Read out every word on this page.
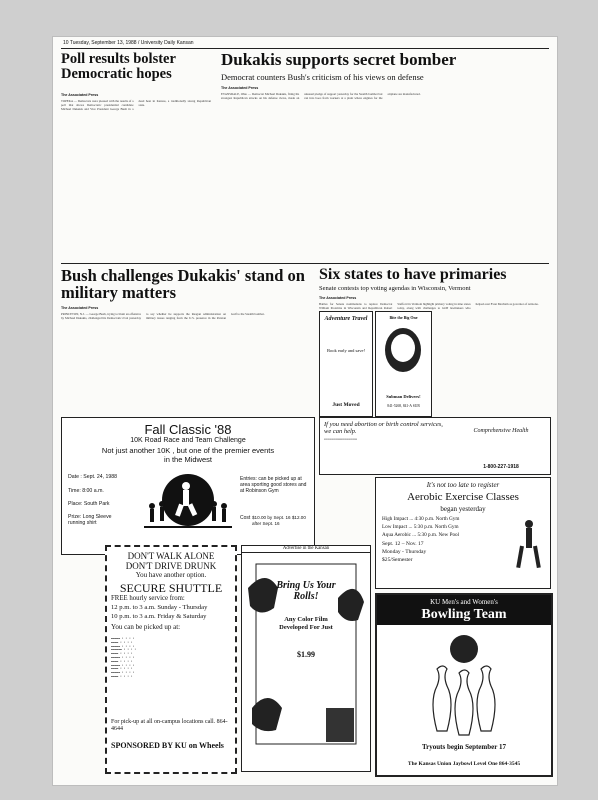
10 Tuesday, September 13, 1988 / University Daily Kansan
Poll results bolster Democratic hopes
The Associated Press
TOPEKA — Democrats were pleased with the results of a poll that shows Democratic presidential candidate Michael Dukakis and Vice President George Bush in a dead heat in Kansas, a traditionally strong Republican state.
Dukakis supports secret bomber
Democrat counters Bush's criticism of his views on defense
The Associated Press
EVANSDALE, Ohio — Democrat Michael Dukakis, firing his strongest Republican attacks on his defense views, made an unusual pledge of support yesterday for the Stealth bomber but ran into boos from workers at a plant where engines for the airplane are manufactured.
Bush challenges Dukakis' stand on military matters
The Associated Press
PRINCETON, N.J. — George Bush, trying to blunt an offensive by Michael Dukakis, challenged his Democratic rival yesterday to say whether he supports the Reagan administration on military issues ranging from the U.S. presence in the Persian Gulf to the Stealth bomber.
Six states to have primaries
Senate contests top voting agendas in Wisconsin, Vermont
The Associated Press
Battles for Senate nominations to replace Democrat William Proxmire in Wisconsin and Republican Robert Stafford in Vermont highlight primary voting in nine states today, along with challenges to GOP lawmakers who helped oust Evan Mecham as governor of Arizona.
Fall Classic '88
10K Road Race and Team Challenge
Not just another 10K , but one of the premier events
in the Midwest
Date : Sept. 24, 1988
Time: 8:00 a.m.
Place: South Park
Prize: Long Sleeve running shirt
Entries: can be picked up at area sporting good stores and at Robinson Gym
Cost $10.00 by Sept. 16 $12.00 after Sept. 16
If you need abortion or birth control services, we can help.
▪▪▪▪▪▪▪▪▪▪▪▪▪▪▪▪▪▪▪▪▪▪▪▪▪▪▪▪▪▪▪
Comprehensive Health
1-800-227-1918
Adventure Travel
Book early and save!
Just Moved
Bite the Big One
Subman Delivers!
841-5268, 841-A SUB
DON'T WALK ALONE
DON'T DRIVE DRUNK
You have another option.
SECURE SHUTTLE
FREE hourly service from:
12 p.m. to 3 a.m. Sunday - Thursday
10 p.m. to 3 a.m. Friday & Saturday
You can be picked up at:
▬▬▬▬▬ ▪ ▪ ▪ ▪
▬▬▬▬ ▪ ▪ ▪ ▪
▬▬▬▬▬ ▪ ▪ ▪ ▪
▬▬▬▬▬▬ ▪ ▪ ▪ ▪
▬▬▬▬ ▪ ▪ ▪ ▪
▬▬▬▬▬ ▪ ▪ ▪ ▪
▬▬▬▬ ▪ ▪ ▪ ▪
▬▬▬▬▬ ▪ ▪ ▪ ▪
▬▬▬▬ ▪ ▪ ▪ ▪
▬▬▬▬▬ ▪ ▪ ▪ ▪
▬▬▬▬ ▪ ▪ ▪ ▪
For pick-up at all on-campus locations call. 864-4644
SPONSORED BY KU on Wheels
Advertise in the Kansan
Bring Us Your Rolls!
Any Color Film Developed For Just
$1.99
It's not too late to register
Aerobic Exercise Classes
began yesterday
High Impact ... 4:30 p.m. North Gym
Low Impact ... 5:30 p.m. North Gym
Aqua Aerobic ... 5:30 p.m. New Pool
Sept. 12 – Nov. 17
Monday - Thursday
$25/Semester
KU Men's and Women's
Bowling Team
Tryouts begin September 17
The Kansas Union Jaybowl Level One 864-3545
